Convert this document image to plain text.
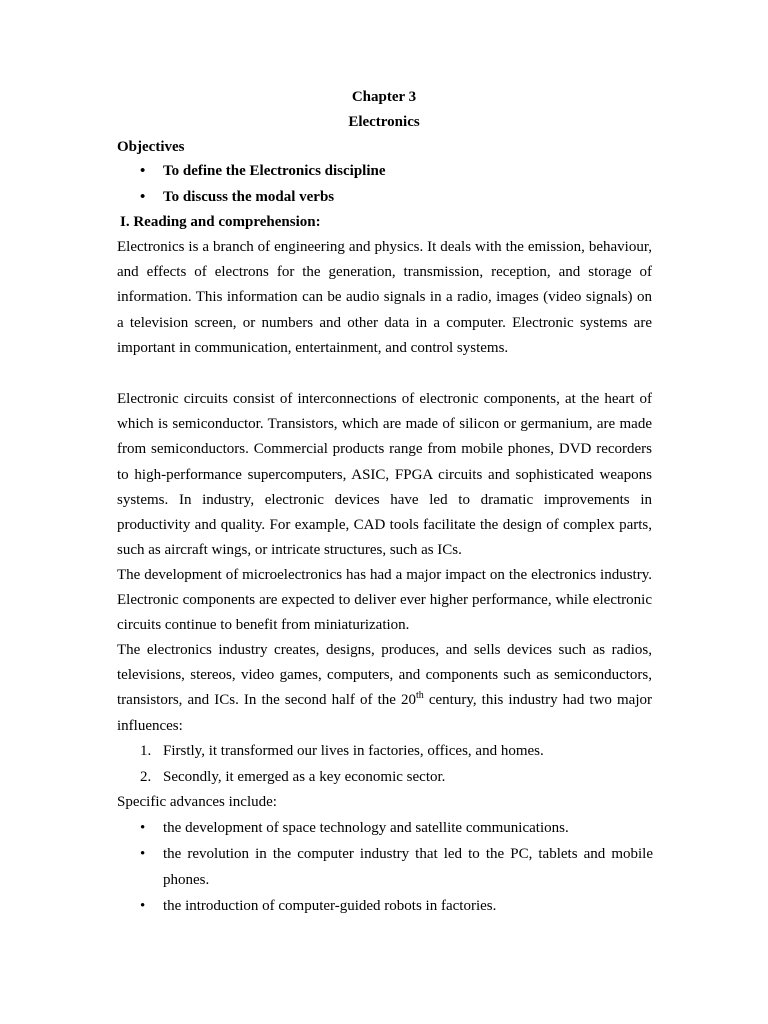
Chapter 3
Electronics
Objectives
•	To define the Electronics discipline
•	To discuss the modal verbs
I. Reading and comprehension:
Electronics is a branch of engineering and physics. It deals with the emission, behaviour, and effects of electrons for the generation, transmission, reception, and storage of information. This information can be audio signals in a radio, images (video signals) on a television screen, or numbers and other data in a computer. Electronic systems are important in communication, entertainment, and control systems.
Electronic circuits consist of interconnections of electronic components, at the heart of which is semiconductor. Transistors, which are made of silicon or germanium, are made from semiconductors. Commercial products range from mobile phones, DVD recorders to high-performance supercomputers, ASIC, FPGA circuits and sophisticated weapons systems. In industry, electronic devices have led to dramatic improvements in productivity and quality. For example, CAD tools facilitate the design of complex parts, such as aircraft wings, or intricate structures, such as ICs.
The development of microelectronics has had a major impact on the electronics industry. Electronic components are expected to deliver ever higher performance, while electronic circuits continue to benefit from miniaturization.
The electronics industry creates, designs, produces, and sells devices such as radios, televisions, stereos, video games, computers, and components such as semiconductors, transistors, and ICs. In the second half of the 20th century, this industry had two major influences:
1. Firstly, it transformed our lives in factories, offices, and homes.
2. Secondly, it emerged as a key economic sector.
Specific advances include:
•	the development of space technology and satellite communications.
•	the revolution in the computer industry that led to the PC, tablets and mobile phones.
•	the introduction of computer-guided robots in factories.
